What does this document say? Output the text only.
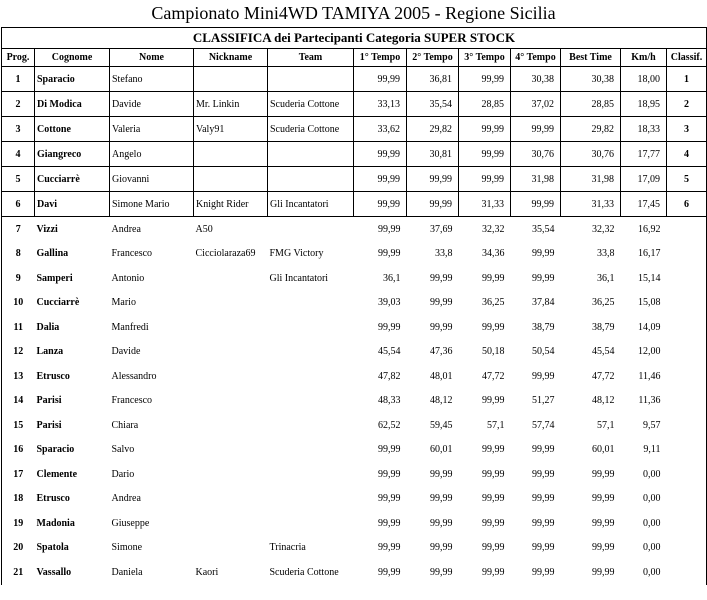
Campionato Mini4WD TAMIYA 2005 - Regione Sicilia
CLASSIFICA dei Partecipanti Categoria SUPER STOCK
Prog.	Cognome	Nome	Nickname	Team	1° Tempo	2° Tempo	3° Tempo	4° Tempo	Best Time	Km/h	Classif.
1	Sparacio	Stefano			99,99	36,81	99,99	30,38	30,38	18,00	1
2	Di Modica	Davide	Mr. Linkin	Scuderia Cottone	33,13	35,54	28,85	37,02	28,85	18,95	2
3	Cottone	Valeria	Valy91	Scuderia Cottone	33,62	29,82	99,99	99,99	29,82	18,33	3
4	Giangreco	Angelo			99,99	30,81	99,99	30,76	30,76	17,77	4
5	Cucciarrè	Giovanni			99,99	99,99	99,99	31,98	31,98	17,09	5
6	Davi	Simone Mario	Knight Rider	Gli Incantatori	99,99	99,99	31,33	99,99	31,33	17,45	6
7	Vizzi	Andrea	A50		99,99	37,69	32,32	35,54	32,32	16,92	
8	Gallina	Francesco	Cicciolaraza69	FMG Victory	99,99	33,8	34,36	99,99	33,8	16,17	
9	Samperi	Antonio		Gli Incantatori	36,1	99,99	99,99	99,99	36,1	15,14	
10	Cucciarrè	Mario			39,03	99,99	36,25	37,84	36,25	15,08	
11	Dalia	Manfredi			99,99	99,99	99,99	38,79	38,79	14,09	
12	Lanza	Davide			45,54	47,36	50,18	50,54	45,54	12,00	
13	Etrusco	Alessandro			47,82	48,01	47,72	99,99	47,72	11,46	
14	Parisi	Francesco			48,33	48,12	99,99	51,27	48,12	11,36	
15	Parisi	Chiara			62,52	59,45	57,1	57,74	57,1	9,57	
16	Sparacio	Salvo			99,99	60,01	99,99	99,99	60,01	9,11	
17	Clemente	Dario			99,99	99,99	99,99	99,99	99,99	0,00	
18	Etrusco	Andrea			99,99	99,99	99,99	99,99	99,99	0,00	
19	Madonia	Giuseppe			99,99	99,99	99,99	99,99	99,99	0,00	
20	Spatola	Simone		Trinacria	99,99	99,99	99,99	99,99	99,99	0,00	
21	Vassallo	Daniela	Kaori	Scuderia Cottone	99,99	99,99	99,99	99,99	99,99	0,00	
